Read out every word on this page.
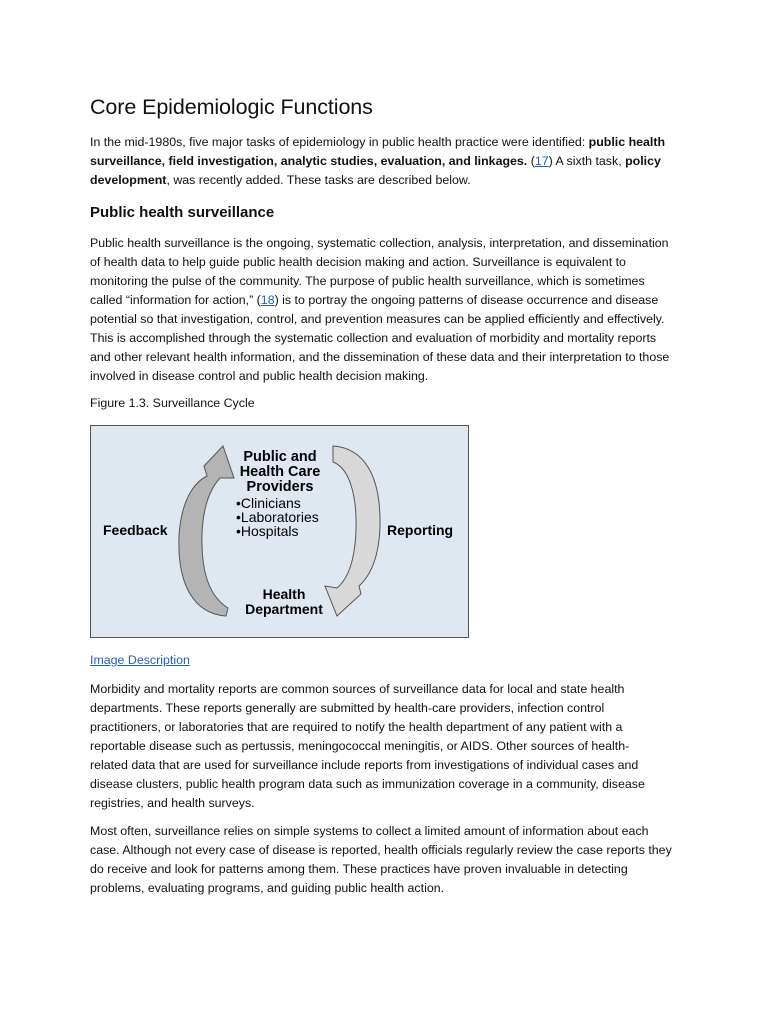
Core Epidemiologic Functions

In the mid-1980s, five major tasks of epidemiology in public health practice were identified: public health surveillance, field investigation, analytic studies, evaluation, and linkages. (17) A sixth task, policy development, was recently added. These tasks are described below.

Public health surveillance

Public health surveillance is the ongoing, systematic collection, analysis, interpretation, and dissemination of health data to help guide public health decision making and action. Surveillance is equivalent to monitoring the pulse of the community. The purpose of public health surveillance, which is sometimes called “information for action,” (18) is to portray the ongoing patterns of disease occurrence and disease potential so that investigation, control, and prevention measures can be applied efficiently and effectively. This is accomplished through the systematic collection and evaluation of morbidity and mortality reports and other relevant health information, and the dissemination of these data and their interpretation to those involved in disease control and public health decision making.

Figure 1.3. Surveillance Cycle

Public and
Health Care
Providers
•Clinicians
•Laboratories
•Hospitals
Feedback	Reporting
Health
Department

Image Description

Morbidity and mortality reports are common sources of surveillance data for local and state health departments. These reports generally are submitted by health-care providers, infection control practitioners, or laboratories that are required to notify the health department of any patient with a reportable disease such as pertussis, meningococcal meningitis, or AIDS. Other sources of health-related data that are used for surveillance include reports from investigations of individual cases and disease clusters, public health program data such as immunization coverage in a community, disease registries, and health surveys.

Most often, surveillance relies on simple systems to collect a limited amount of information about each case. Although not every case of disease is reported, health officials regularly review the case reports they do receive and look for patterns among them. These practices have proven invaluable in detecting problems, evaluating programs, and guiding public health action.
